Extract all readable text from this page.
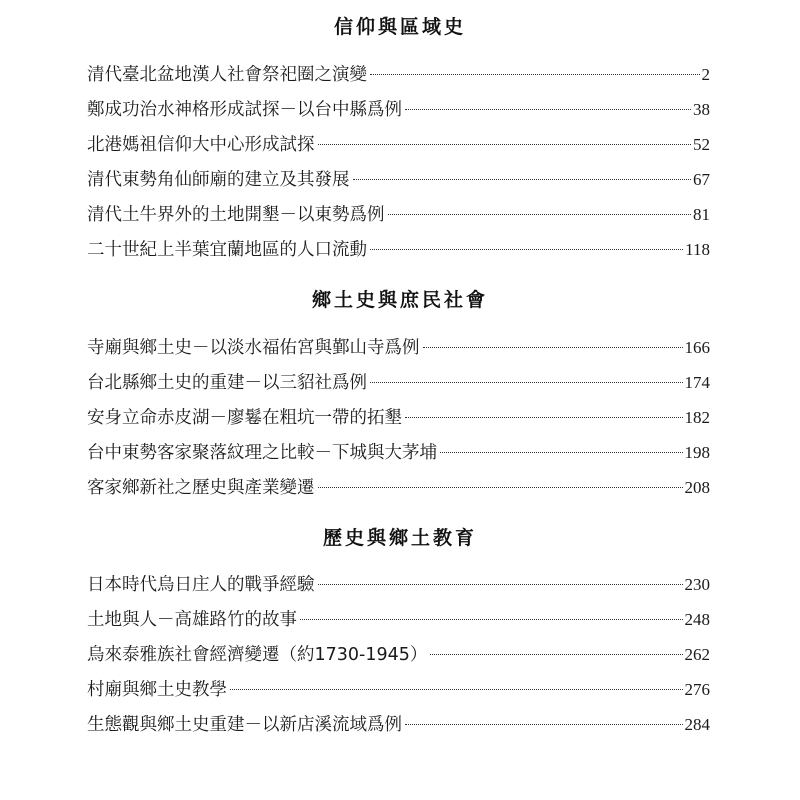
信仰與區域史
清代臺北盆地漢人社會祭祀圈之演變	2
鄭成功治水神格形成試探－以台中縣爲例	38
北港媽祖信仰大中心形成試探	52
清代東勢角仙師廟的建立及其發展	67
清代土牛界外的土地開墾－以東勢爲例	81
二十世紀上半葉宜蘭地區的人口流動	118
鄉土史與庶民社會
寺廟與鄉土史－以淡水福佑宮與鄞山寺爲例	166
台北縣鄉土史的重建－以三貂社爲例	174
安身立命赤皮湖－廖鬈在粗坑一帶的拓墾	182
台中東勢客家聚落紋理之比較－下城與大茅埔	198
客家鄉新社之歷史與產業變遷	208
歷史與鄉土教育
日本時代烏日庄人的戰爭經驗	230
土地與人－高雄路竹的故事	248
烏來泰雅族社會經濟變遷（約1730-1945）	262
村廟與鄉土史教學	276
生態觀與鄉土史重建－以新店溪流域爲例	284
